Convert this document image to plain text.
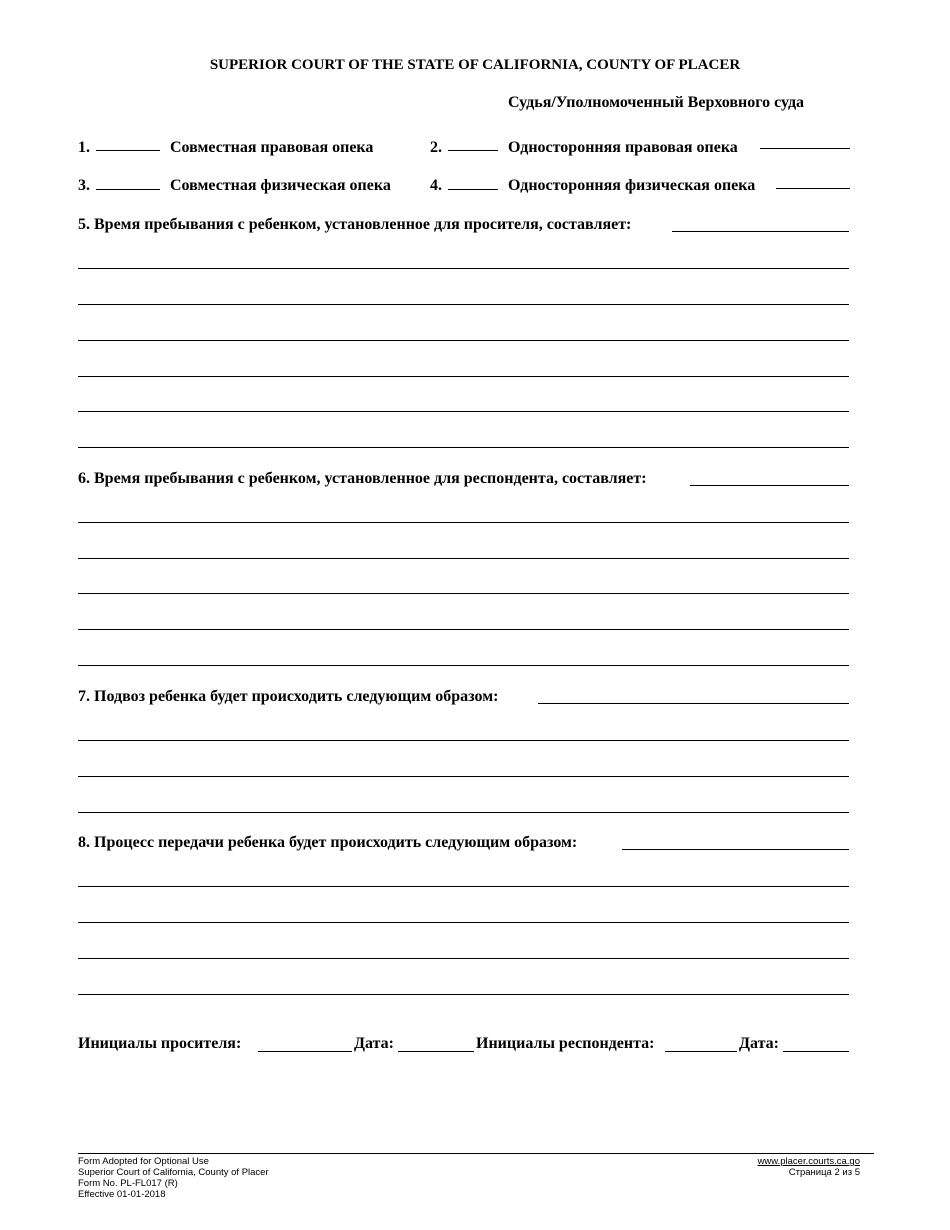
SUPERIOR COURT OF THE STATE OF CALIFORNIA, COUNTY OF PLACER
Судья/Уполномоченный Верховного суда
1.	Совместная правовая опека	2.	Односторонняя правовая опека
3.	Совместная физическая опека 4.	Односторонняя физическая опека
5. Время пребывания с ребенком, установленное для просителя, составляет:
6. Время пребывания с ребенком, установленное для респондента, составляет:
7. Подвоз ребенка будет происходить следующим образом:
8. Процесс передачи ребенка будет происходить следующим образом:
Инициалы просителя:	Дата:	Инициалы респондента:	Дата:
Form Adopted for Optional Use
Superior Court of California, County of Placer
Form No. PL-FL017 (R)
Effective 01-01-2018
www.placer.courts.ca.go
Страница 2 из 5
